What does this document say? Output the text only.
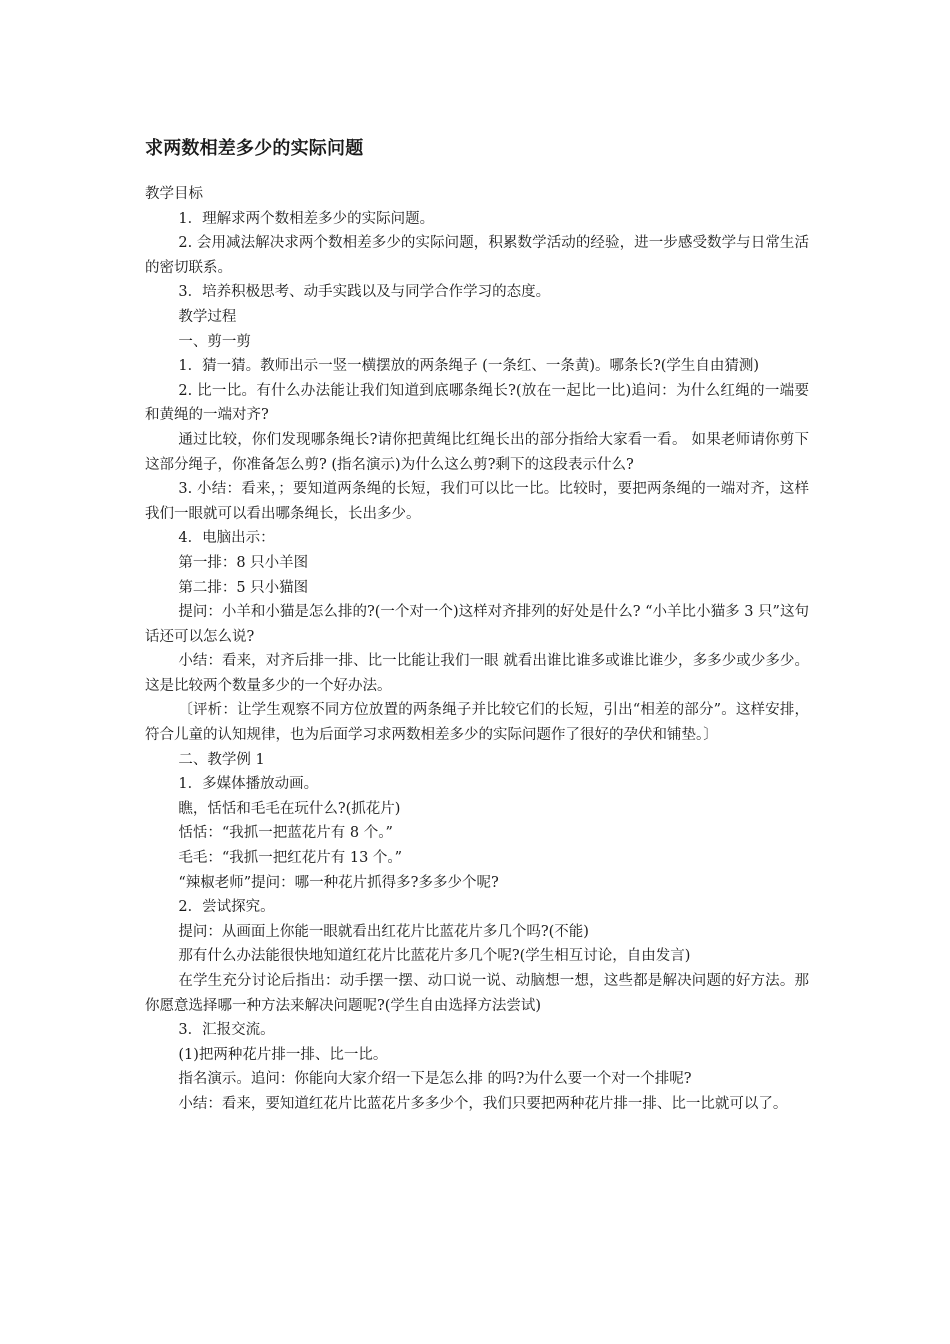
求两数相差多少的实际问题

教学目标

1．理解求两个数相差多少的实际问题。

2. 会用减法解决求两个数相差多少的实际问题，积累数学活动的经验，进一步感受数学与日常生活的密切联系。

3．培养积极思考、动手实践以及与同学合作学习的态度。

教学过程

一、剪一剪

1．猜一猜。教师出示一竖一横摆放的两条绳子 (一条红、一条黄)。哪条长?(学生自由猜测)

2. 比一比。有什么办法能让我们知道到底哪条绳长?(放在一起比一比)追问：为什么红绳的一端要 和黄绳的一端对齐?

通过比较，你们发现哪条绳长?请你把黄绳比红绳长出的部分指给大家看一看。 如果老师请你剪下这部分绳子，你准备怎么剪? (指名演示)为什么这么剪?剩下的这段表示什么?

3. 小结：看来，；要知道两条绳的长短，我们可以比一比。比较时，要把两条绳的一端对齐，这样我们一眼就可以看出哪条绳长，长出多少。

4．电脑出示：

第一排：8 只小羊图

第二排：5 只小猫图

提问：小羊和小猫是怎么排的?(一个对一个)这样对齐排列的好处是什么? “小羊比小猫多 3 只”这句话还可以怎么说?

小结：看来，对齐后排一排、比一比能让我们一眼 就看出谁比谁多或谁比谁少，多多少或少多少。这是比较两个数量多少的一个好办法。

〔评析：让学生观察不同方位放置的两条绳子并比较它们的长短，引出“相差的部分”。这样安排，符合儿童的认知规律，也为后面学习求两数相差多少的实际问题作了很好的孕伏和铺垫。〕

二、教学例 1

1．多媒体播放动画。

瞧，恬恬和毛毛在玩什么?(抓花片)

恬恬：“我抓一把蓝花片有 8 个。”

毛毛：“我抓一把红花片有 13 个。”

“辣椒老师”提问：哪一种花片抓得多?多多少个呢?

2．尝试探究。

提问：从画面上你能一眼就看出红花片比蓝花片多几个吗?(不能)

那有什么办法能很快地知道红花片比蓝花片多几个呢?(学生相互讨论，自由发言)

在学生充分讨论后指出：动手摆一摆、动口说一说、动脑想一想，这些都是解决问题的好方法。那你愿意选择哪一种方法来解决问题呢?(学生自由选择方法尝试)

3．汇报交流。

(1)把两种花片排一排、比一比。

指名演示。追问：你能向大家介绍一下是怎么排 的吗?为什么要一个对一个排呢?

小结：看来，要知道红花片比蓝花片多多少个，我们只要把两种花片排一排、比一比就可以了。
